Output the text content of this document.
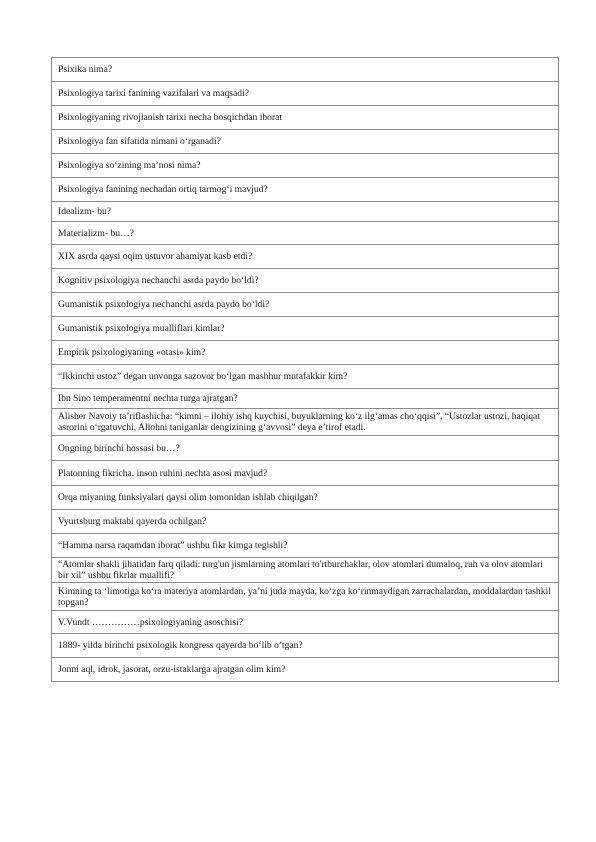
Psixika nima?
Psixologiya tarixi fanining vazifalari va maqsadi?
Psixologiyaning rivojlanish tarixi necha bosqichdan iborat
Psixologiya fan sifatida nimani o‘rganadi?
Psixologiya so‘zining ma’nosi nima?
Psixologiya fanining nechadan ortiq tarmog‘i mavjud?
Idealizm- bu?
Materializm- bu…?
XIX asrda qaysi oqim ustuvor ahamiyat kasb etdi?
Kognitiv psixologiya nechanchi asrda paydo bo‘ldi?
Gumanistik psixologiya nechanchi asrda paydo bo‘ldi?
Gumanistik psixologiya mualliflari kimlar?
Empirik psixologiyaning «otasi» kim?
“Ikkinchi ustoz” degan unvonga sazovor bo‘lgan mashhur mutafakkir kim?
Ibn Sino temperamentni nechta turga ajratgan?
Alisher Navoiy ta’riflashicha: “kimni – ilohiy ishq kuychisi, buyuklarning ko‘z ilg‘amas cho‘qqisi”, “Ustozlar ustozi, haqiqat asrorini o‘rgatuvchi, Allohni taniganlar dengizining g‘avvosi” deya e’tirof etadi.
Ongning birinchi hossasi bu…?
Platonning fikricha. inson ruhini nechta asosi mavjud?
Orqa miyaning funksiyalari qaysi olim tomonidan ishlab chiqilgan?
Vyurtsburg maktabi qayerda ochilgan?
“Hamma narsa raqamdan iborat” ushbu fikr kimga tegishli?
“Atomlar shakli jihatidan farq qiladi: turg'un jismlarning atomlari to'rtburchaklar, olov atomlari dumaloq, ruh va olov atomlari bir xil” ushbu fikrlar muallifi?
Kimning ta ‘limotiga ko‘ra materiya atomlardan, ya’ni juda mayda, ko‘zga ko‘rinmaydigan zarrachalardan, moddalardan tashkil topgan?
V.Vundt ……………psixologiyaning asoschisi?
1889- yilda birinchi psixologik kongress qayerda bo‘lib o’tgan?
Jonni aql, idrok, jasorat, orzu-istaklarga ajratgan olim kim?
